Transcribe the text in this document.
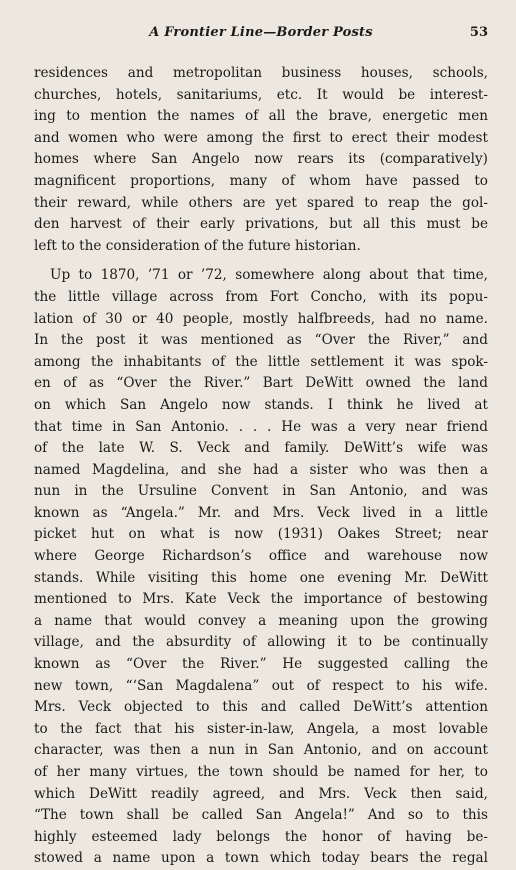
A Frontier Line—Border Posts	53
residences and metropolitan business houses, schools,
churches, hotels, sanitariums, etc. It would be interest-
ing to mention the names of all the brave, energetic men
and women who were among the first to erect their modest
homes where San Angelo now rears its (comparatively)
magnificent proportions, many of whom have passed to
their reward, while others are yet spared to reap the gol-
den harvest of their early privations, but all this must be
left to the consideration of the future historian.
Up to 1870, ’71 or ’72, somewhere along about that time,
the little village across from Fort Concho, with its popu-
lation of 30 or 40 people, mostly halfbreeds, had no name.
In the post it was mentioned as “Over the River,” and
among the inhabitants of the little settlement it was spok-
en of as “Over the River.” Bart DeWitt owned the land
on which San Angelo now stands. I think he lived at
that time in San Antonio. . . . He was a very near friend
of the late W. S. Veck and family. DeWitt’s wife was
named Magdelina, and she had a sister who was then a
nun in the Ursuline Convent in San Antonio, and was
known as “Angela.” Mr. and Mrs. Veck lived in a little
picket hut on what is now (1931) Oakes Street; near
where George Richardson’s office and warehouse now
stands. While visiting this home one evening Mr. DeWitt
mentioned to Mrs. Kate Veck the importance of bestowing
a name that would convey a meaning upon the growing
village, and the absurdity of allowing it to be continually
known as “Over the River.” He suggested calling the
new town, “‘San Magdalena” out of respect to his wife.
Mrs. Veck objected to this and called DeWitt’s attention
to the fact that his sister-in-law, Angela, a most lovable
character, was then a nun in San Antonio, and on account
of her many virtues, the town should be named for her, to
which DeWitt readily agreed, and Mrs. Veck then said,
“The town shall be called San Angela!” And so to this
highly esteemed lady belongs the honor of having be-
stowed a name upon a town which today bears the regal
